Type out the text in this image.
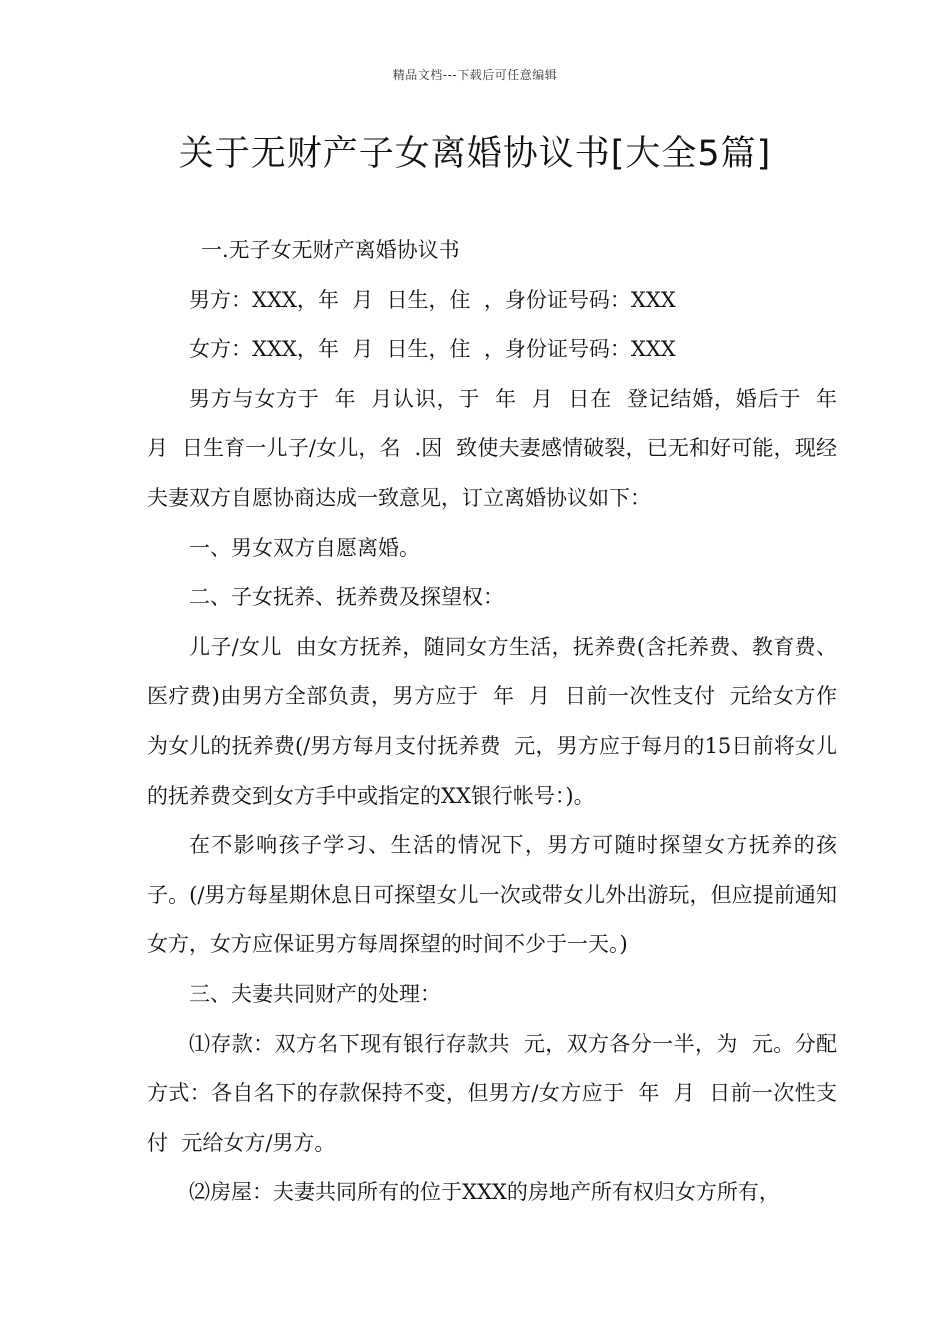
精品文档---下载后可任意编辑
关于无财产子女离婚协议书[大全5篇]

一.无子女无财产离婚协议书

男方：XXX，年  月  日生，住  ，身份证号码：XXX

女方：XXX，年  月  日生，住  ，身份证号码：XXX

男方与女方于  年  月认识，于  年  月  日在  登记结婚，婚后于  年  月  日生育一儿子/女儿，名  .因  致使夫妻感情破裂，已无和好可能，现经夫妻双方自愿协商达成一致意见，订立离婚协议如下：

一、男女双方自愿离婚。

二、子女抚养、抚养费及探望权：

儿子/女儿  由女方抚养，随同女方生活，抚养费(含托养费、教育费、医疗费)由男方全部负责，男方应于  年  月  日前一次性支付  元给女方作为女儿的抚养费(/男方每月支付抚养费  元，男方应于每月的15日前将女儿的抚养费交到女方手中或指定的XX银行帐号：)。

在不影响孩子学习、生活的情况下，男方可随时探望女方抚养的孩子。(/男方每星期休息日可探望女儿一次或带女儿外出游玩，但应提前通知女方，女方应保证男方每周探望的时间不少于一天。)

三、夫妻共同财产的处理：

⑴存款：双方名下现有银行存款共  元，双方各分一半，为  元。分配方式：各自名下的存款保持不变，但男方/女方应于  年  月  日前一次性支付  元给女方/男方。

⑵房屋：夫妻共同所有的位于XXX的房地产所有权归女方所有，
